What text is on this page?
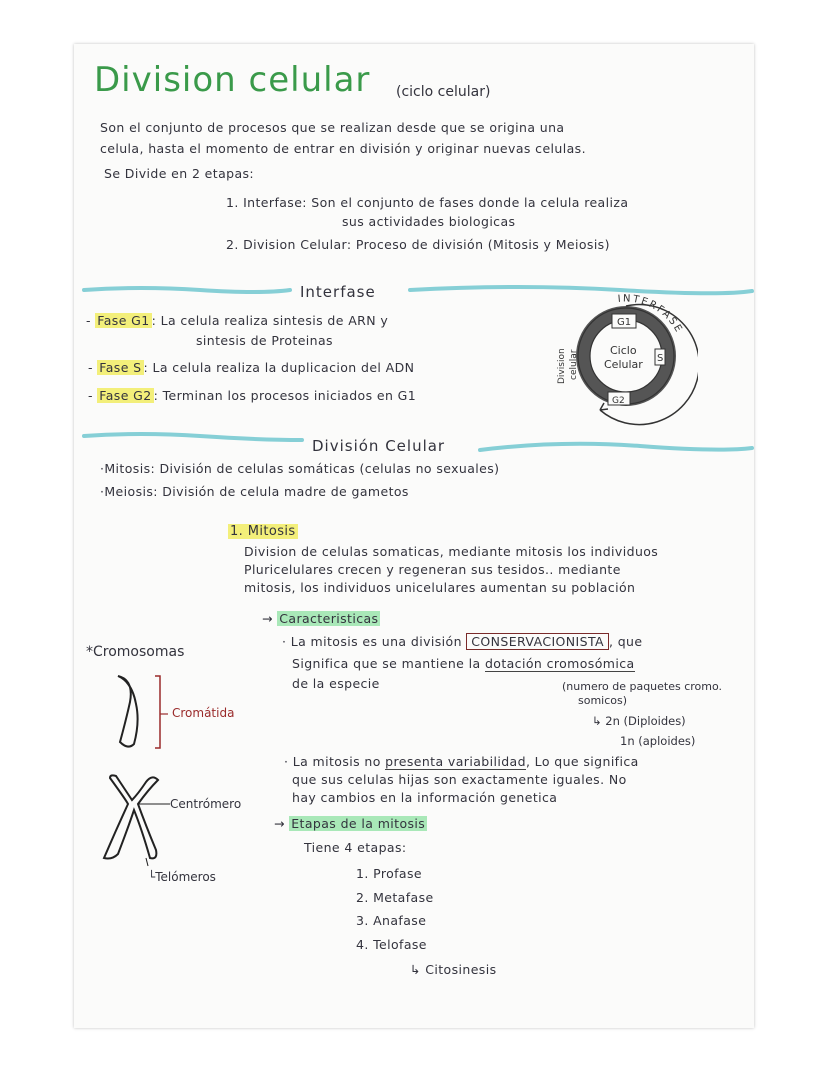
Division celular (ciclo celular)
Son el conjunto de procesos que se realizan desde que se origina una
celula, hasta el momento de entrar en división y originar nuevas celulas.
Se Divide en 2 etapas:
1. Interfase: Son el conjunto de fases donde la celula realiza
sus actividades biologicas
2. Division Celular: Proceso de división (Mitosis y Meiosis)
Interfase
- Fase G1 : La celula realiza sintesis de ARN y
sintesis de Proteinas
- Fase S : La celula realiza la duplicacion del ADN
- Fase G2 : Terminan los procesos iniciados en G1
G1
S
G2
Ciclo
Celular
Division celular
INTERFASE
División Celular
·Mitosis: División de celulas somáticas (celulas no sexuales)
·Meiosis: División de celula madre de gametos
1. Mitosis
Division de celulas somaticas, mediante mitosis los individuos
Pluricelulares crecen y regeneran sus tesidos.. mediante
mitosis, los individuos unicelulares aumentan su población
→ Caracteristicas
· La mitosis es una división CONSERVACIONISTA , que
Significa que se mantiene la dotación cromosómica
de la especie	(numero de paquetes cromo.
somicos)
↳ 2n (Diploides)
1n (aploides)
· La mitosis no presenta variabilidad, Lo que significa
que sus celulas hijas son exactamente iguales. No
hay cambios en la información genetica
→ Etapas de la mitosis
Tiene 4 etapas:
1. Profase
2. Metafase
3. Anafase
4. Telofase
↳ Citosinesis
*Cromosomas
Cromátida
Centrómero
└Telómeros
